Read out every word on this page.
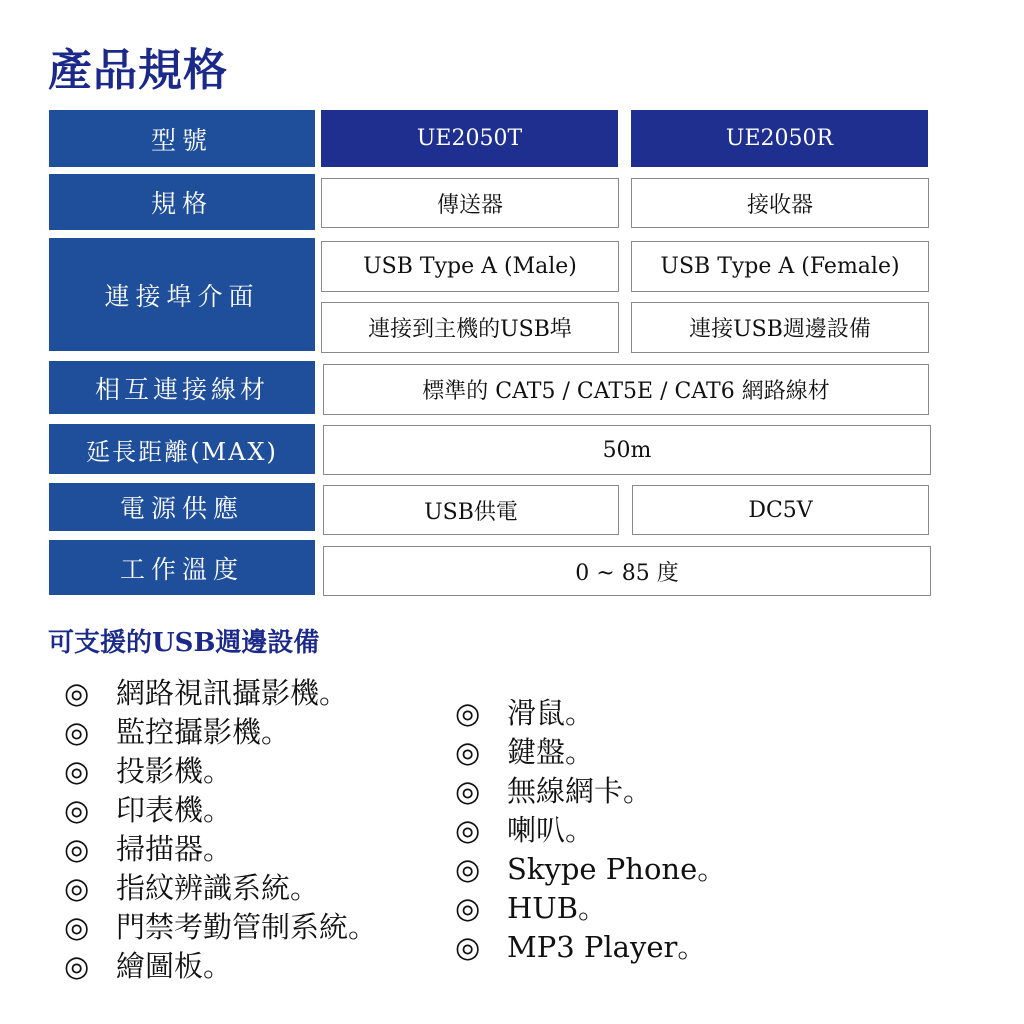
產品規格
型號	UE2050T	UE2050R
規格	傳送器	接收器
連接埠介面
USB Type A (Male)	USB Type A (Female)
連接到主機的USB埠	連接USB週邊設備
相互連接線材	標準的 CAT5 / CAT5E / CAT6 網路線材
延長距離(MAX)	50m
電源供應	USB供電	DC5V
工作溫度	0 ~ 85 度
可支援的USB週邊設備
◎ 網路視訊攝影機。
◎ 監控攝影機。
◎ 投影機。
◎ 印表機。
◎ 掃描器。
◎ 指紋辨識系統。
◎ 門禁考勤管制系統。
◎ 繪圖板。
◎ 滑鼠。
◎ 鍵盤。
◎ 無線網卡。
◎ 喇叭。
◎ Skype Phone。
◎ HUB。
◎ MP3 Player。
